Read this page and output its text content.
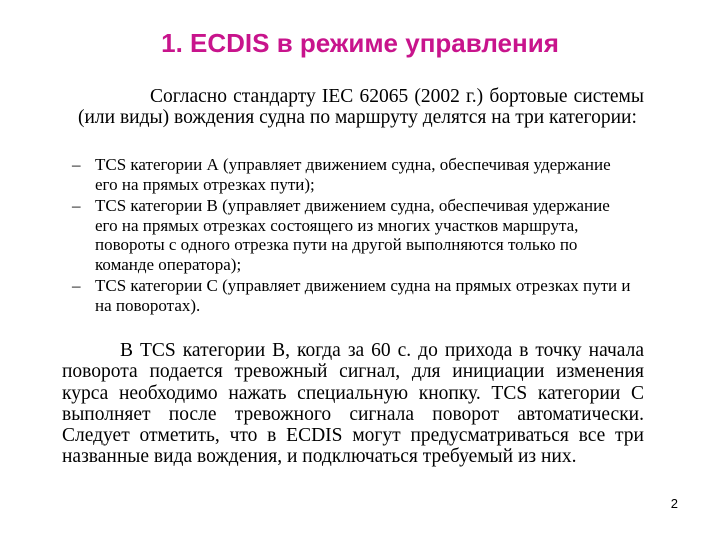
1. ECDIS в режиме управления

Согласно стандарту IEC 62065 (2002 г.) бортовые системы (или виды) вождения судна по маршруту делятся на три категории:

– TCS категории А (управляет движением судна, обеспечивая удержание его на прямых отрезках пути);
– TCS категории В (управляет движением судна, обеспечивая удержание его на прямых отрезках состоящего из многих участков маршрута, повороты с одного отрезка пути на другой выполняются только по команде оператора);
– TCS категории С (управляет движением судна на прямых отрезках пути и на поворотах).

В TCS категории В, когда за 60 с. до прихода в точку начала поворота подается тревожный сигнал, для инициации изменения курса необходимо нажать специальную кнопку. TCS категории С выполняет после тревожного сигнала поворот автоматически. Следует отметить, что в ECDIS могут предусматриваться все три названные вида вождения, и подключаться требуемый из них.

2
